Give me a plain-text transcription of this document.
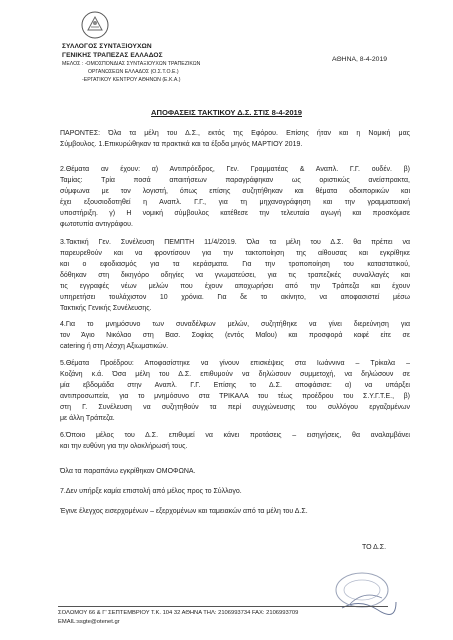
ΣΥΛΛΟΓΟΣ ΣΥΝΤΑΞΙΟΥΧΩΝ
ΓΕΝΙΚΗΣ ΤΡΑΠΕΖΑΣ ΕΛΛΑΔΟΣ
ΜΕΛΟΣ : -ΟΜΟΣΠΟΝΔΙΑΣ ΣΥΝΤΑΞΙΟΥΧΩΝ ΤΡΑΠΕΖΙΚΩΝ
ΟΡΓΑΝΩΣΕΩΝ ΕΛΛΑΔΟΣ (Ο.Σ.Τ.Ο.Ε.)
-ΕΡΓΑΤΙΚΟΥ ΚΕΝΤΡΟΥ ΑΘΗΝΩΝ (Ε.Κ.Α.)
ΑΘΗΝΑ, 8-4-2019
ΑΠΟΦΑΣΕΙΣ ΤΑΚΤΙΚΟΥ Δ.Σ. ΣΤΙΣ 8-4-2019

ΠΑΡΟΝΤΕΣ: Όλα τα μέλη του Δ.Σ., εκτός της Εφόρου. Επίσης ήταν και η Νομική μας

Σύμβουλος. 1.Επικυρώθηκαν τα πρακτικά και τα έξοδα μηνός ΜΑΡΤΙΟΥ 2019.

2.Θέματα αν έχουν: α) Αντιπρόεδρος, Γεν. Γραμματέας & Αναπλ. Γ.Γ. ουδέν. β)

Ταμίας: Τρία ποσά απαιτήσεων παραγράφηκαν ως οριστικώς ανείσπρακτα,

σύμφωνα με τον λογιστή, όπως επίσης συζητήθηκαν και θέματα οδοιπορικών και

έχει εξουσιοδοτηθεί η Αναπλ. Γ.Γ., για τη μηχανογράφηση και την γραμματειακή

υποστήριξη. γ) Η νομική σύμβουλος κατέθεσε την τελευταία αγωγή και προσκόμισε

φωτοτυπία αντιγράφου.

3.Τακτική Γεν. Συνέλευση ΠΕΜΠΤΗ 11/4/2019. Όλα τα μέλη του Δ.Σ. θα πρέπει να

παρευρεθούν και να φροντίσουν για την τακτοποίηση της αίθουσας και εγκρίθηκε

και ο εφοδιασμός για τα κεράσματα. Για την τροποποίηση του καταστατικού,

δόθηκαν στη δικηγόρο οδηγίες να γνωματεύσει, για τις τραπεζικές συναλλαγές και

τις εγγραφές νέων μελών που έχουν αποχωρήσει από την Τράπεζα και έχουν

υπηρετήσει τουλάχιστον 10 χρόνια. Για δε το ακίνητο, να αποφασιστεί μέσω

Τακτικής Γενικής Συνέλευσης.

4.Για το μνημόσυνο των συναδέλφων μελών, συζητήθηκε να γίνει διερεύνηση για

τον Άγιο Νικόλαο στη Βασ. Σοφίας (εντός Μαΐου) και προσφορά καφέ είτε σε

catering ή στη Λέσχη Αξιωματικών.

5.Θέματα Προέδρου: Αποφασίστηκε να γίνουν επισκέψεις στα Ιωάννινα – Τρίκαλα –

Κοζάνη κ.ά. Όσα μέλη του Δ.Σ. επιθυμούν να δηλώσουν συμμετοχή, να δηλώσουν σε

μία εβδομάδα στην Αναπλ. Γ.Γ. Επίσης το Δ.Σ. αποφάσισε: α) να υπάρξει

αντιπροσωπεία, για το μνημόσυνο στα ΤΡΙΚΑΛΑ του τέως προέδρου του Σ.Υ.Γ.Τ.Ε., β)

στη Γ. Συνέλευση να συζητηθούν τα περί συγχώνευσης του συλλόγου εργαζομένων

με άλλη Τράπεζα.

6.Όποιο μέλος του Δ.Σ. επιθυμεί να κάνει προτάσεις – εισηγήσεις, θα αναλαμβάνει

και την ευθύνη για την ολοκλήρωσή τους.

Όλα τα παραπάνω εγκρίθηκαν ΟΜΟΦΩΝΑ.

7.Δεν υπήρξε καμία επιστολή από μέλος προς το Σύλλογο.

Έγινε έλεγχος εισερχομένων – εξερχομένων και ταμειακών από τα μέλη του Δ.Σ.

ΤΟ Δ.Σ.
ΣΟΛΩΜΟΥ 66 & Γ' ΣΕΠΤΕΜΒΡΙΟΥ Τ.Κ. 104 32 ΑΘΗΝΑ ΤΗΛ: 2106993734 FAX: 2106993709
EMAIL:ssgte@otenet.gr
